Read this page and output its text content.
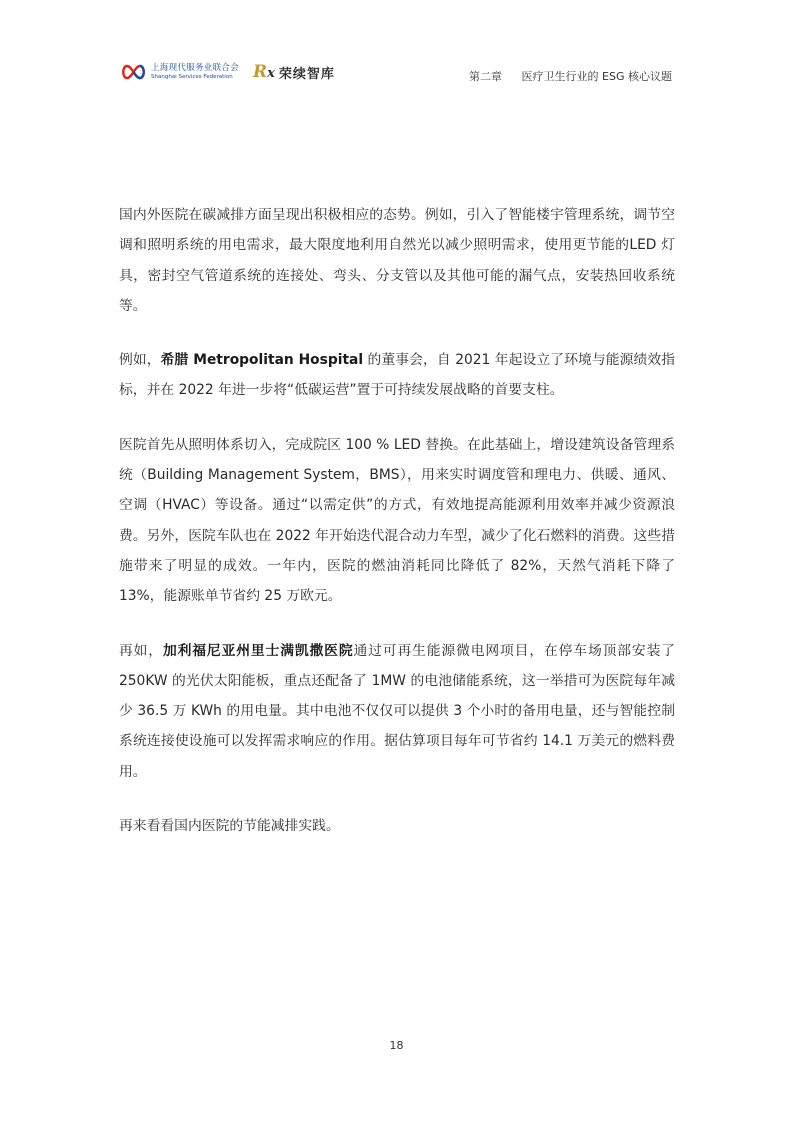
上海现代服务业联合会
Shanghai Services Federation	Rx 荣续智库	第二章 医疗卫生行业的 ESG 核心议题

国内外医院在碳减排方面呈现出积极相应的态势。例如，引入了智能楼宇管理系统，调节空调和照明系统的用电需求，最大限度地利用自然光以减少照明需求，使用更节能的LED 灯具，密封空气管道系统的连接处、弯头、分支管以及其他可能的漏气点，安装热回收系统等。

例如，希腊 Metropolitan Hospital 的董事会，自 2021 年起设立了环境与能源绩效指标，并在 2022 年进一步将“低碳运营”置于可持续发展战略的首要支柱。

医院首先从照明体系切入，完成院区 100 % LED 替换。在此基础上，增设建筑设备管理系统（Building Management System，BMS），用来实时调度管和理电力、供暖、通风、空调（HVAC）等设备。通过“以需定供”的方式，有效地提高能源利用效率并减少资源浪费。另外，医院车队也在 2022 年开始迭代混合动力车型，减少了化石燃料的消费。这些措施带来了明显的成效。一年内，医院的燃油消耗同比降低了 82%，天然气消耗下降了 13%，能源账单节省约 25 万欧元。

再如，加利福尼亚州里士满凯撒医院通过可再生能源微电网项目，在停车场顶部安装了250KW 的光伏太阳能板，重点还配备了 1MW 的电池储能系统，这一举措可为医院每年减少 36.5 万 KWh 的用电量。其中电池不仅仅可以提供 3 个小时的备用电量，还与智能控制系统连接使设施可以发挥需求响应的作用。据估算项目每年可节省约 14.1 万美元的燃料费用。

再来看看国内医院的节能减排实践。

18
